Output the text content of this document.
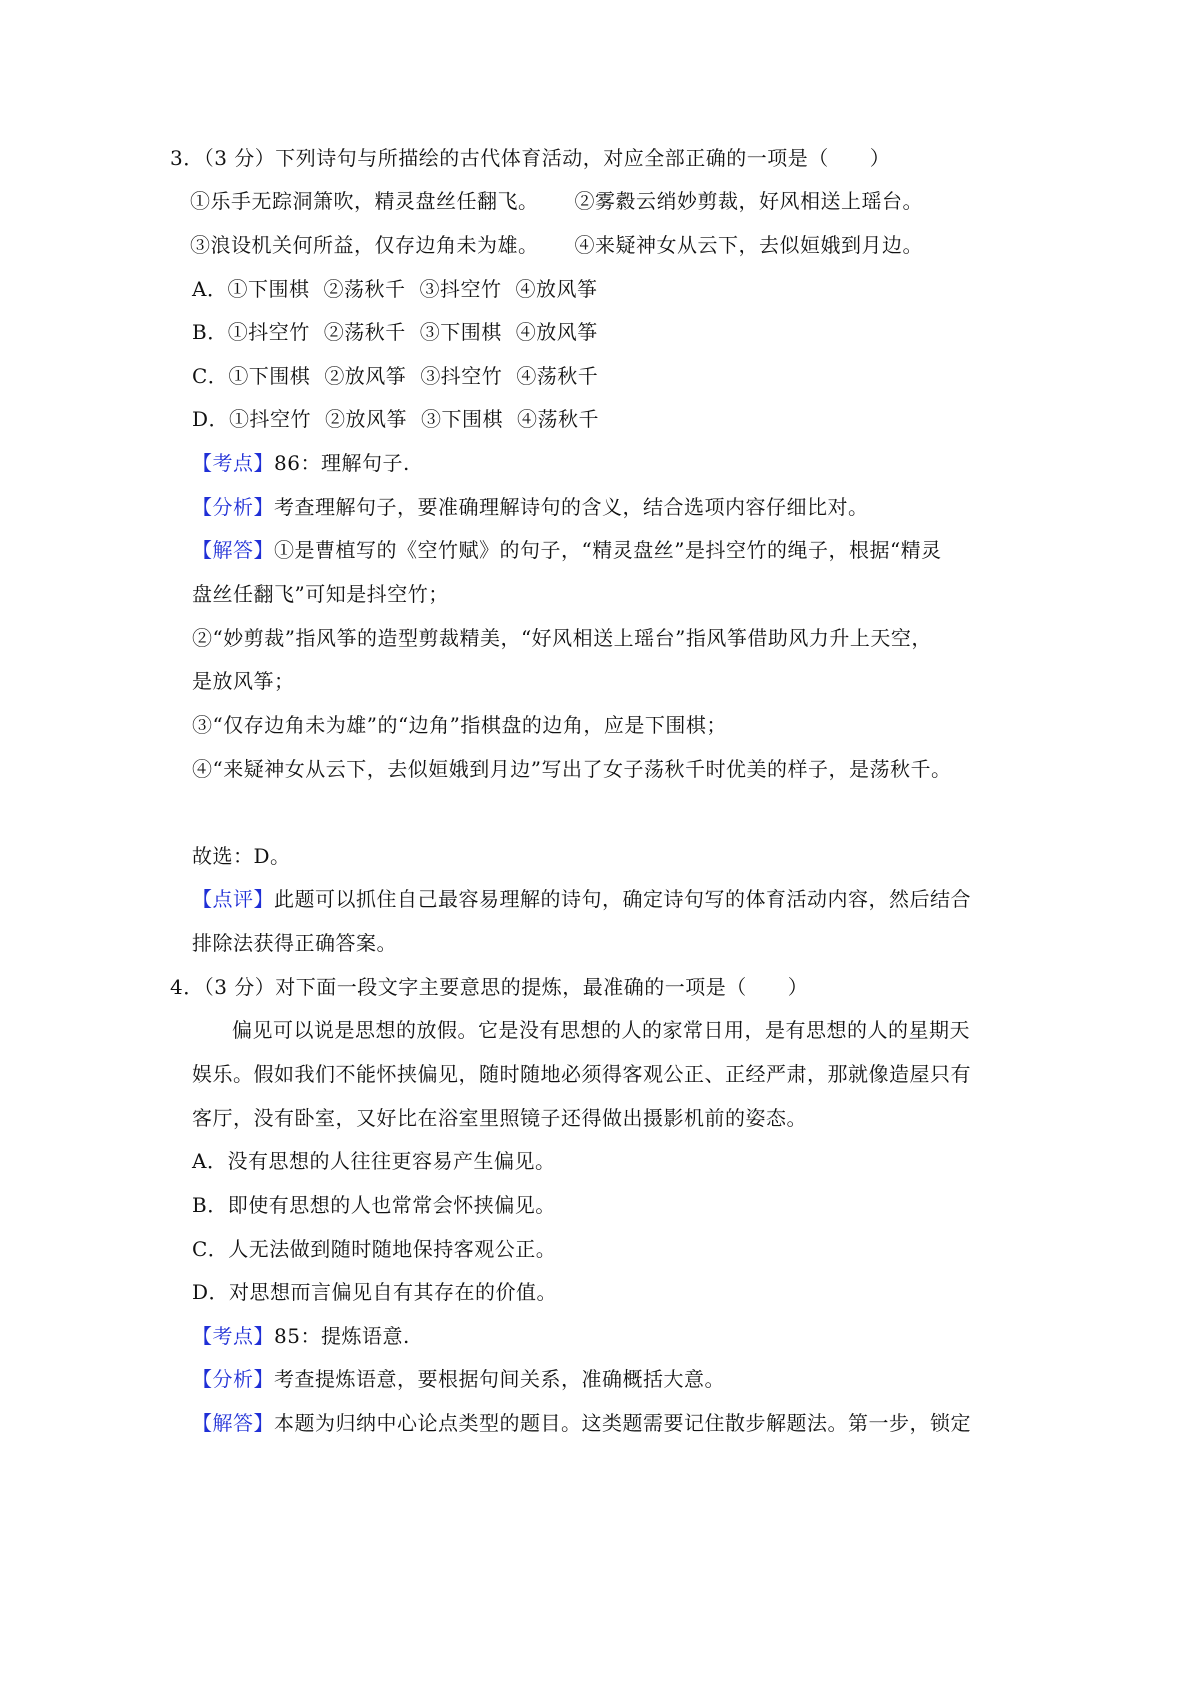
3．（3 分）下列诗句与所描绘的古代体育活动，对应全部正确的一项是（　　）
①乐手无踪洞箫吹，精灵盘丝任翻飞。 ②雾縠云绡妙剪裁，好风相送上瑶台。
③浪设机关何所益，仅存边角未为雄。 ④来疑神女从云下，去似姮娥到月边。
A．①下围棋 ②荡秋千 ③抖空竹 ④放风筝
B．①抖空竹 ②荡秋千 ③下围棋 ④放风筝
C．①下围棋 ②放风筝 ③抖空竹 ④荡秋千
D．①抖空竹 ②放风筝 ③下围棋 ④荡秋千
【考点】86：理解句子.
【分析】考查理解句子，要准确理解诗句的含义，结合选项内容仔细比对。
【解答】①是曹植写的《空竹赋》的句子，“精灵盘丝”是抖空竹的绳子，根据“精灵
盘丝任翻飞”可知是抖空竹；
②“妙剪裁”指风筝的造型剪裁精美，“好风相送上瑶台”指风筝借助风力升上天空，
是放风筝；
③“仅存边角未为雄”的“边角”指棋盘的边角，应是下围棋；
④“来疑神女从云下，去似姮娥到月边”写出了女子荡秋千时优美的样子，是荡秋千。
故选：D。
【点评】此题可以抓住自己最容易理解的诗句，确定诗句写的体育活动内容，然后结合
排除法获得正确答案。
4．（3 分）对下面一段文字主要意思的提炼，最准确的一项是（　　）
偏见可以说是思想的放假。它是没有思想的人的家常日用，是有思想的人的星期天
娱乐。假如我们不能怀挟偏见，随时随地必须得客观公正、正经严肃，那就像造屋只有
客厅，没有卧室，又好比在浴室里照镜子还得做出摄影机前的姿态。
A．没有思想的人往往更容易产生偏见。
B．即使有思想的人也常常会怀挟偏见。
C．人无法做到随时随地保持客观公正。
D．对思想而言偏见自有其存在的价值。
【考点】85：提炼语意.
【分析】考查提炼语意，要根据句间关系，准确概括大意。
【解答】本题为归纳中心论点类型的题目。这类题需要记住散步解题法。第一步，锁定
